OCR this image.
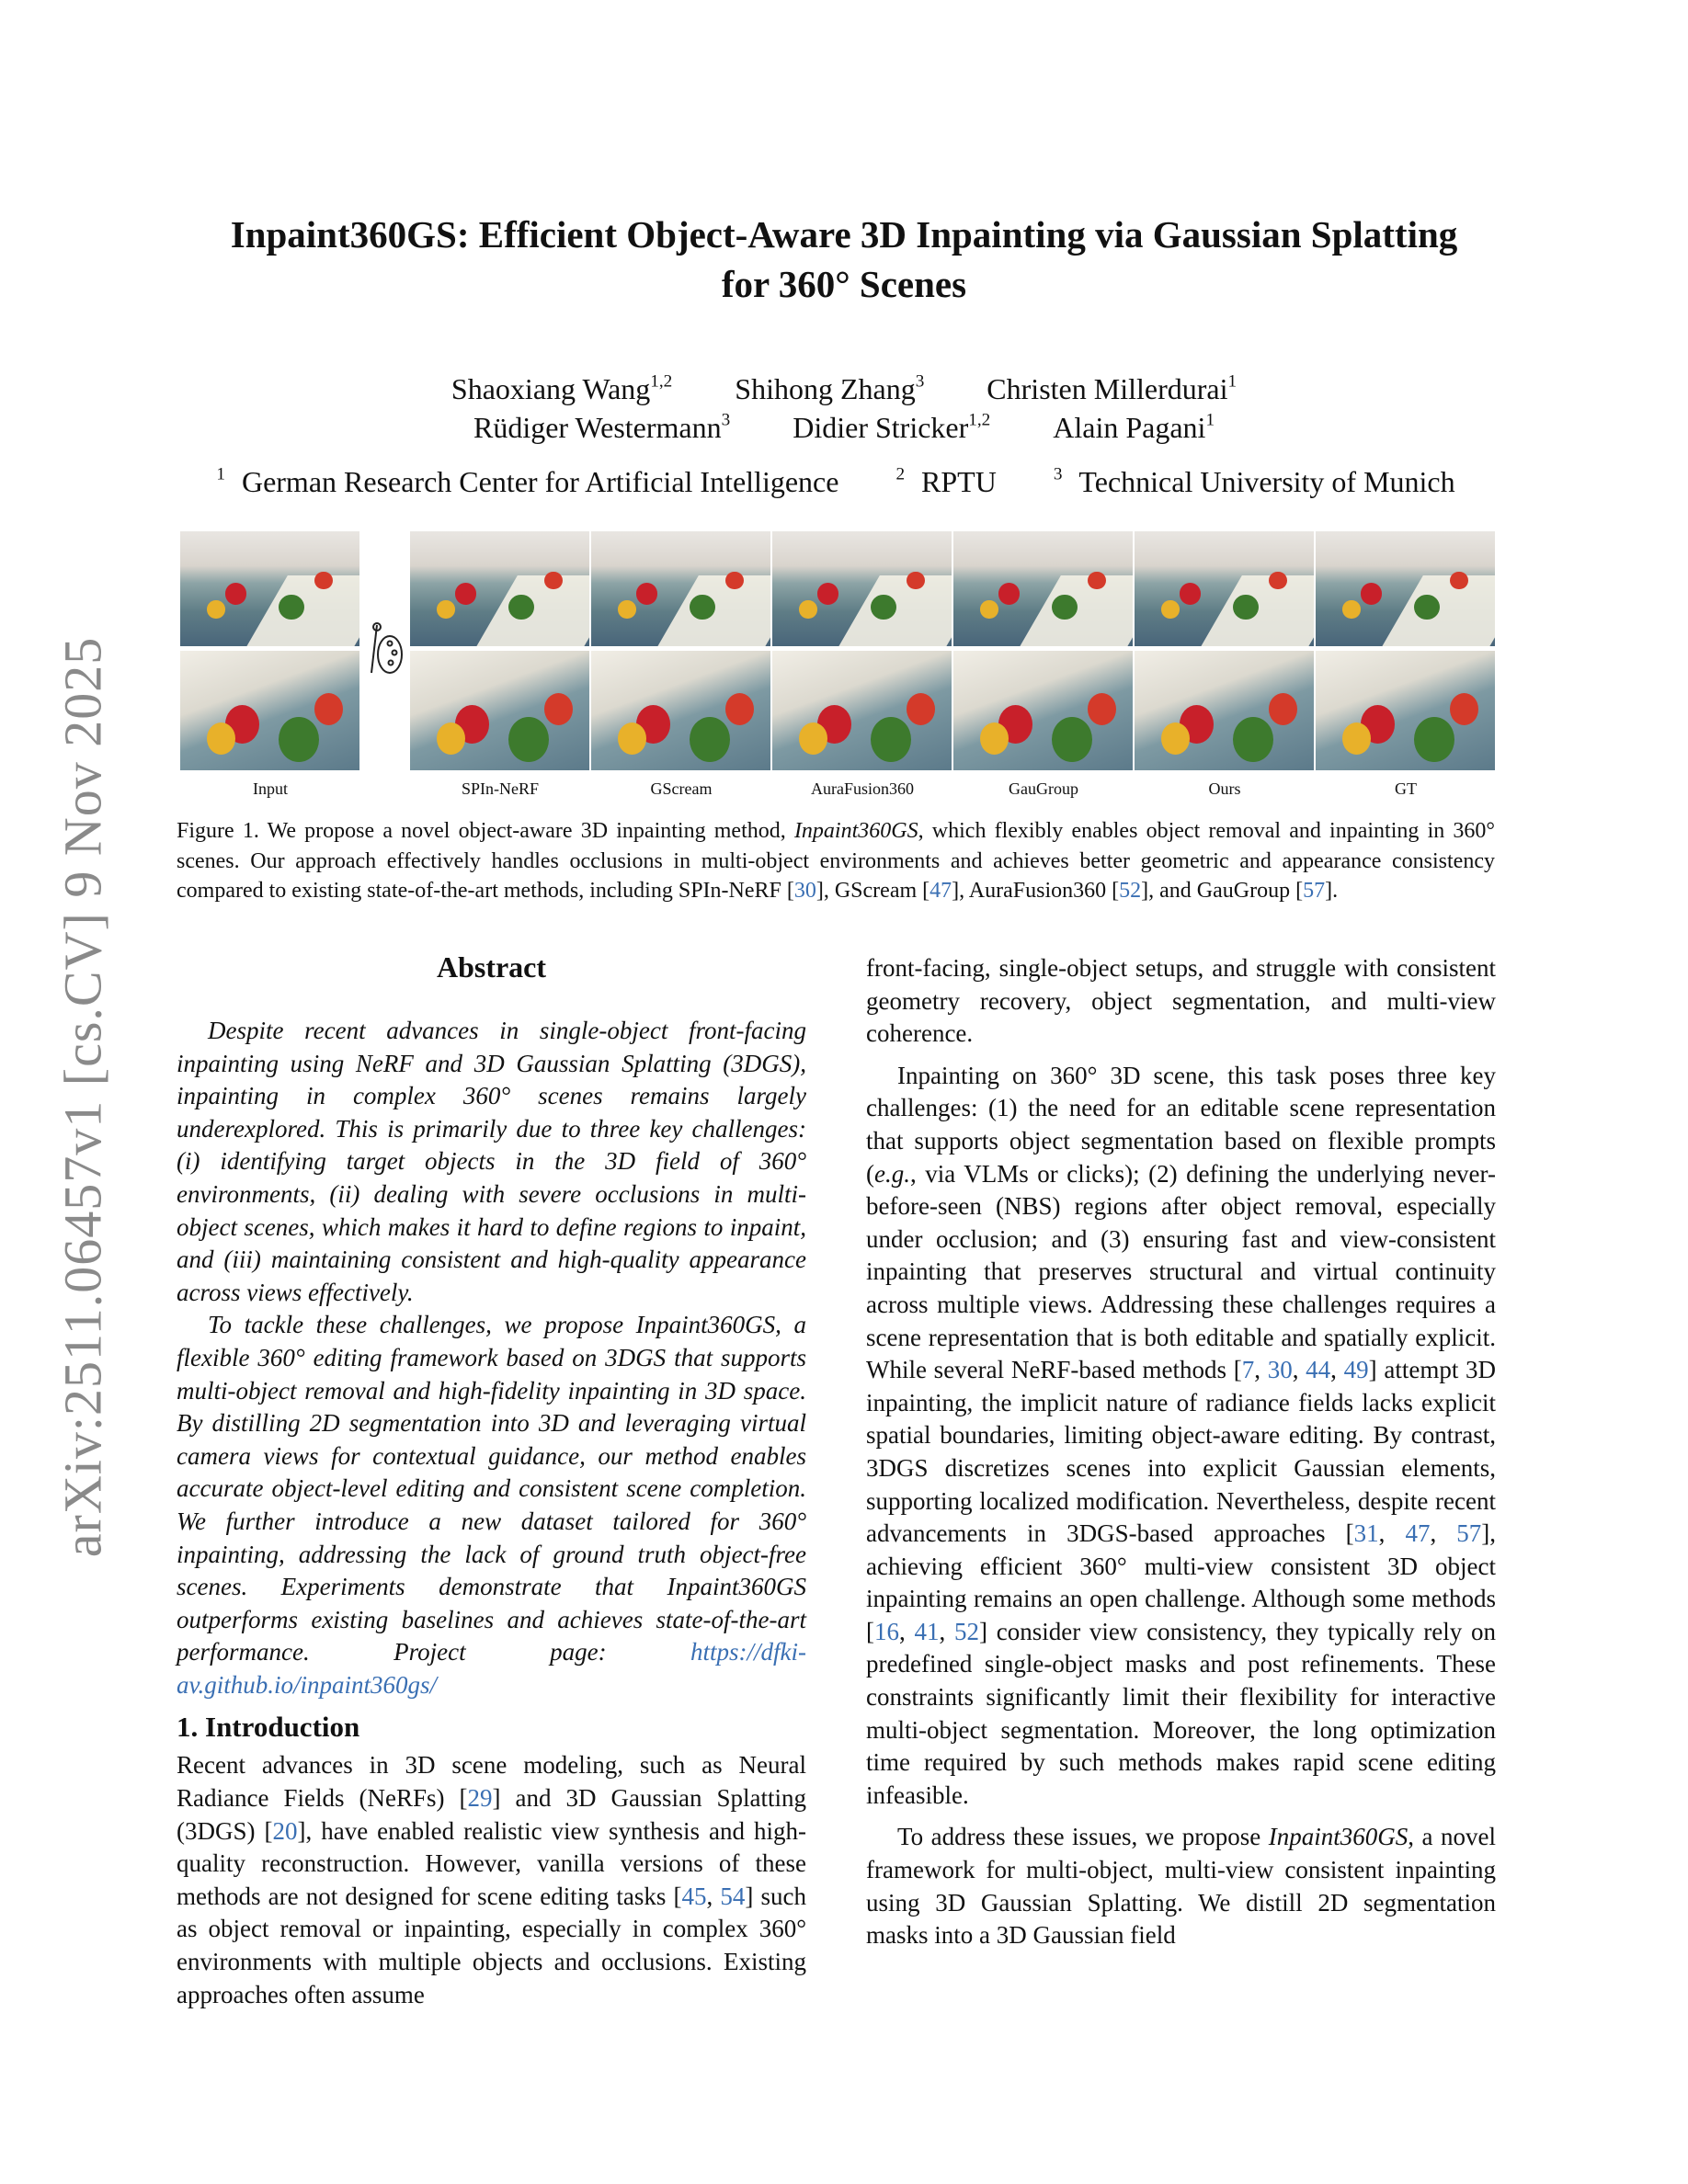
arXiv:2511.06457v1 [cs.CV] 9 Nov 2025
Inpaint360GS: Efficient Object-Aware 3D Inpainting via Gaussian Splatting
for 360° Scenes
Shaoxiang Wang$^{1,2}$ Shihong Zhang$^3$ Christen Millerdurai$^1$
Rüdiger Westermann$^3$ Didier Stricker$^{1,2}$ Alain Pagani$^1$
$^1$ German Research Center for Artificial Intelligence	$^2$ RPTU	$^3$ Technical University of Munich
Input	SPIn-NeRF	GScream	AuraFusion360	GauGroup	Ours	GT
Figure 1. We propose a novel object-aware 3D inpainting method, Inpaint360GS, which flexibly enables object removal and inpainting in 360° scenes. Our approach effectively handles occlusions in multi-object environments and achieves better geometric and appearance consistency compared to existing state-of-the-art methods, including SPIn-NeRF [30], GScream [47], AuraFusion360 [52], and GauGroup [57].
Abstract

Despite recent advances in single-object front-facing inpainting using NeRF and 3D Gaussian Splatting (3DGS), inpainting in complex 360° scenes remains largely underexplored. This is primarily due to three key challenges: (i) identifying target objects in the 3D field of 360° environments, (ii) dealing with severe occlusions in multi-object scenes, which makes it hard to define regions to inpaint, and (iii) maintaining consistent and high-quality appearance across views effectively.

To tackle these challenges, we propose Inpaint360GS, a flexible 360° editing framework based on 3DGS that supports multi-object removal and high-fidelity inpainting in 3D space. By distilling 2D segmentation into 3D and leveraging virtual camera views for contextual guidance, our method enables accurate object-level editing and consistent scene completion. We further introduce a new dataset tailored for 360° inpainting, addressing the lack of ground truth object-free scenes. Experiments demonstrate that Inpaint360GS outperforms existing baselines and achieves state-of-the-art performance. Project page: https://dfki-av.github.io/inpaint360gs/

1. Introduction

Recent advances in 3D scene modeling, such as Neural Radiance Fields (NeRFs) [29] and 3D Gaussian Splatting (3DGS) [20], have enabled realistic view synthesis and high-quality reconstruction. However, vanilla versions of these methods are not designed for scene editing tasks [45, 54] such as object removal or inpainting, especially in complex 360° environments with multiple objects and occlusions. Existing approaches often assume

front-facing, single-object setups, and struggle with consistent geometry recovery, object segmentation, and multi-view coherence.

Inpainting on 360° 3D scene, this task poses three key challenges: (1) the need for an editable scene representation that supports object segmentation based on flexible prompts (e.g., via VLMs or clicks); (2) defining the underlying never-before-seen (NBS) regions after object removal, especially under occlusion; and (3) ensuring fast and view-consistent inpainting that preserves structural and virtual continuity across multiple views. Addressing these challenges requires a scene representation that is both editable and spatially explicit. While several NeRF-based methods [7, 30, 44, 49] attempt 3D inpainting, the implicit nature of radiance fields lacks explicit spatial boundaries, limiting object-aware editing. By contrast, 3DGS discretizes scenes into explicit Gaussian elements, supporting localized modification. Nevertheless, despite recent advancements in 3DGS-based approaches [31, 47, 57], achieving efficient 360° multi-view consistent 3D object inpainting remains an open challenge. Although some methods [16, 41, 52] consider view consistency, they typically rely on predefined single-object masks and post refinements. These constraints significantly limit their flexibility for interactive multi-object segmentation. Moreover, the long optimization time required by such methods makes rapid scene editing infeasible.

To address these issues, we propose Inpaint360GS, a novel framework for multi-object, multi-view consistent inpainting using 3D Gaussian Splatting. We distill 2D segmentation masks into a 3D Gaussian field
